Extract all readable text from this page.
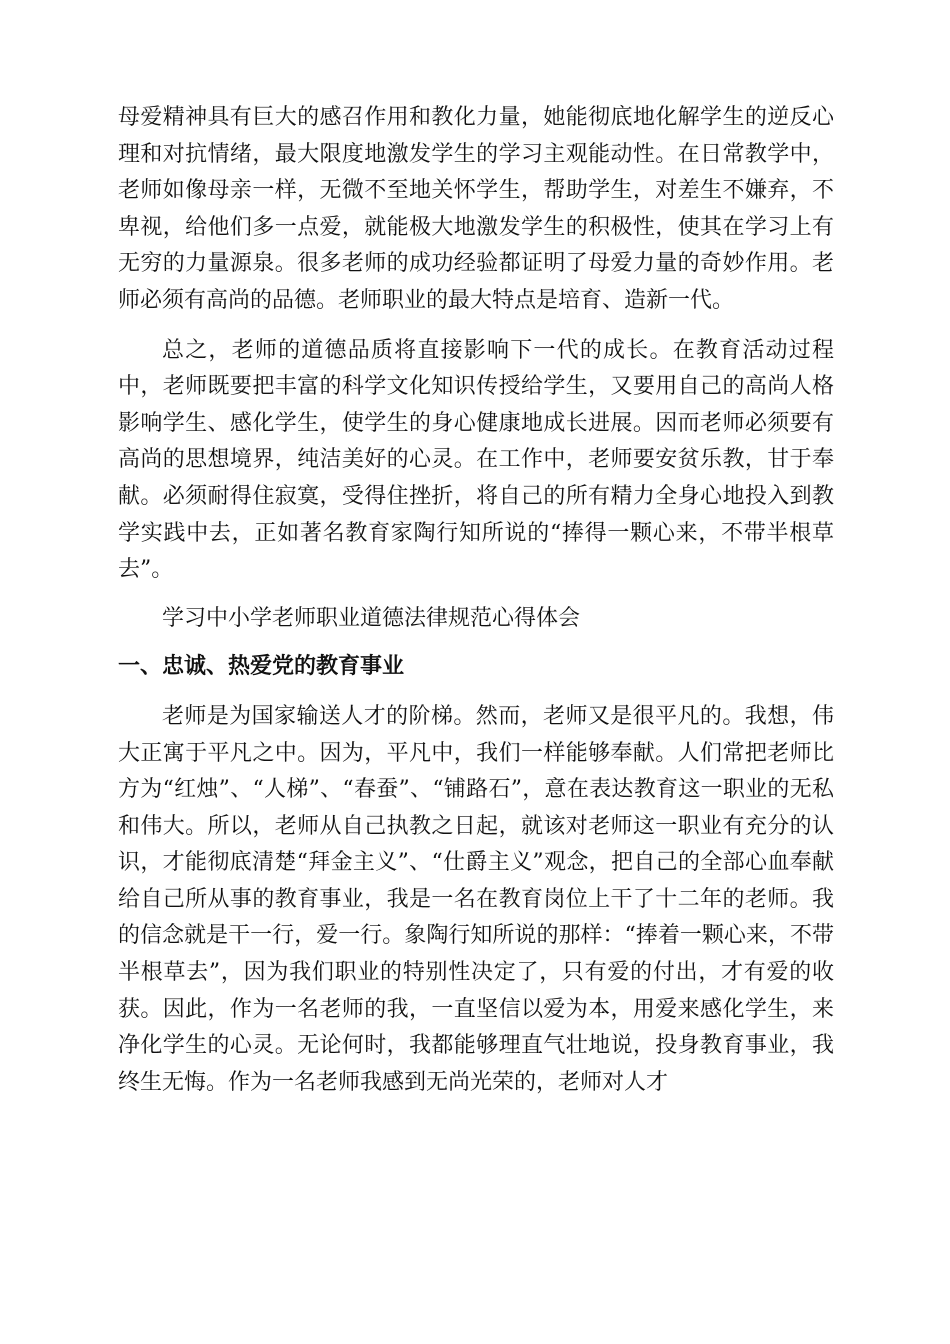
母爱精神具有巨大的感召作用和教化力量，她能彻底地化解学生的逆反心理和对抗情绪，最大限度地激发学生的学习主观能动性。在日常教学中，老师如像母亲一样，无微不至地关怀学生，帮助学生，对差生不嫌弃，不卑视，给他们多一点爱，就能极大地激发学生的积极性，使其在学习上有无穷的力量源泉。很多老师的成功经验都证明了母爱力量的奇妙作用。老师必须有高尚的品德。老师职业的最大特点是培育、造新一代。

总之，老师的道德品质将直接影响下一代的成长。在教育活动过程中，老师既要把丰富的科学文化知识传授给学生，又要用自己的高尚人格影响学生、感化学生，使学生的身心健康地成长进展。因而老师必须要有高尚的思想境界，纯洁美好的心灵。在工作中，老师要安贫乐教，甘于奉献。必须耐得住寂寞，受得住挫折，将自己的所有精力全身心地投入到教学实践中去，正如著名教育家陶行知所说的“捧得一颗心来，不带半根草去”。

学习中小学老师职业道德法律规范心得体会

一、忠诚、热爱党的教育事业

老师是为国家输送人才的阶梯。然而，老师又是很平凡的。我想，伟大正寓于平凡之中。因为，平凡中，我们一样能够奉献。人们常把老师比方为“红烛”、“人梯”、“春蚕”、“铺路石”，意在表达教育这一职业的无私和伟大。所以，老师从自己执教之日起，就该对老师这一职业有充分的认识，才能彻底清楚“拜金主义”、“仕爵主义”观念，把自己的全部心血奉献给自己所从事的教育事业，我是一名在教育岗位上干了十二年的老师。我的信念就是干一行，爱一行。象陶行知所说的那样：“捧着一颗心来，不带半根草去”，因为我们职业的特别性决定了，只有爱的付出，才有爱的收获。因此，作为一名老师的我，一直坚信以爱为本，用爱来感化学生，来净化学生的心灵。无论何时，我都能够理直气壮地说，投身教育事业，我终生无悔。作为一名老师我感到无尚光荣的，老师对人才
